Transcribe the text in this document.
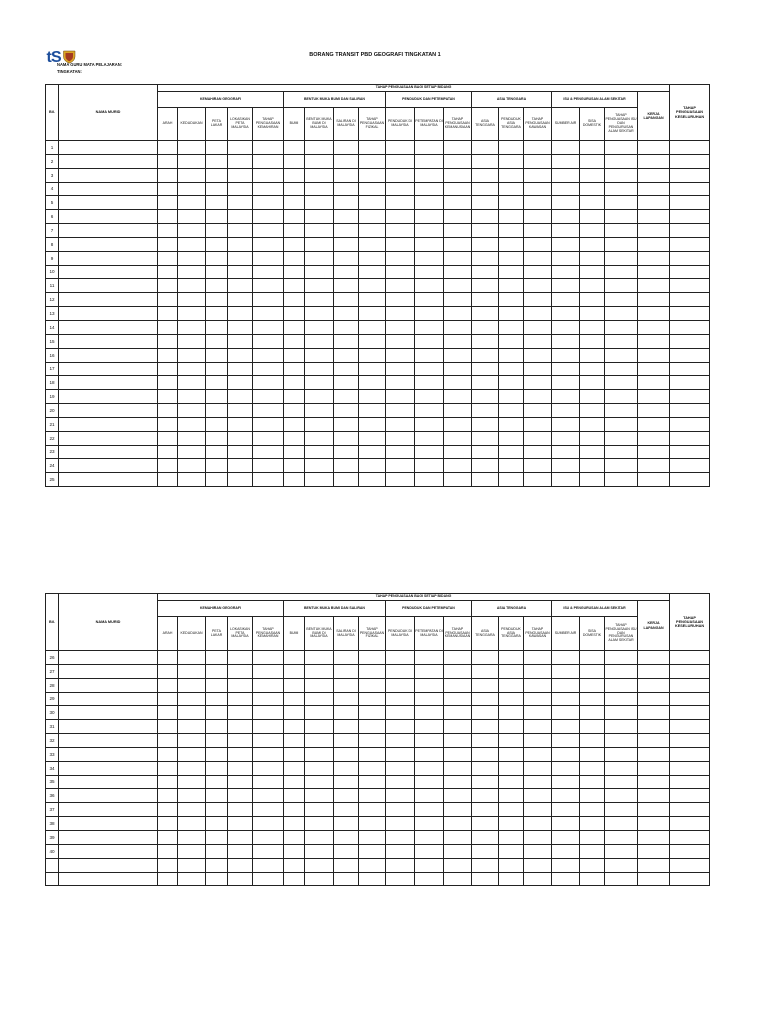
tS	BORANG TRANSIT PBD GEOGRAFI TINGKATAN 1
NAMA GURU MATA PELAJARAN:
TINGKATAN:
Bil.	NAMA MURID	TAHAP PENGUASAAN BAGI SETIAP BIDANG																			TAHAP PENGUASAAN KESELURUHAN
		KEMAHIRAN GEOGRAFI					BENTUK MUKA BUMI DAN SALIRAN				PENDUDUK DAN PETEMPATAN			ASIA TENGGARA			ISU & PENGURUSAN ALAM SEKITAR			KERJA LAPANGAN	
		ARAH	KEDUDUKAN	PETA LAKAR	LOKASIKAN PETA MALAYSIA	TAHAP PENGUASAAN KEMAHIRAN	BUMI	BENTUK MUKA BUMI DI MALAYSIA	SALIRAN DI MALAYSIA	TAHAP PENGUASAAN FIZIKAL	PENDUDUK DI MALAYSIA	PETEMPATAN DI MALAYSIA	TAHAP PENGUASAAN KEMANUSIAAN	ASIA TENGGARA	PENDUDUK ASIA TENGGARA	TAHAP PENGUASAAN KAWASAN	SUMBER AIR	SISA DOMESTIK	TAHAP PENGUASAAN ISU DAN PENGURUSAN ALAM SEKITAR		
1																					
2																					
3																					
4																					
5																					
6																					
7																					
8																					
9																					
10																					
11																					
12																					
13																					
14																					
15																					
16																					
17																					
18																					
19																					
20																					
21																					
22																					
23																					
24																					
25																					
Bil.	NAMA MURID	TAHAP PENGUASAAN BAGI SETIAP BIDANG																			TAHAP PENGUASAAN KESELURUHAN
		KEMAHIRAN GEOGRAFI					BENTUK MUKA BUMI DAN SALIRAN				PENDUDUK DAN PETEMPATAN			ASIA TENGGARA			ISU & PENGURUSAN ALAM SEKITAR			KERJA LAPANGAN	
		ARAH	KEDUDUKAN	PETA LAKAR	LOKASIKAN PETA MALAYSIA	TAHAP PENGUASAAN KEMAHIRAN	BUMI	BENTUK MUKA BUMI DI MALAYSIA	SALIRAN DI MALAYSIA	TAHAP PENGUASAAN FIZIKAL	PENDUDUK DI MALAYSIA	PETEMPATAN DI MALAYSIA	TAHAP PENGUASAAN KEMANUSIAAN	ASIA TENGGARA	PENDUDUK ASIA TENGGARA	TAHAP PENGUASAAN KAWASAN	SUMBER AIR	SISA DOMESTIK	TAHAP PENGUASAAN ISU DAN PENGURUSAN ALAM SEKITAR		
26																					
27																					
28																					
29																					
30																					
31																					
32																					
33																					
34																					
35																					
36																					
37																					
38																					
39																					
40																					
